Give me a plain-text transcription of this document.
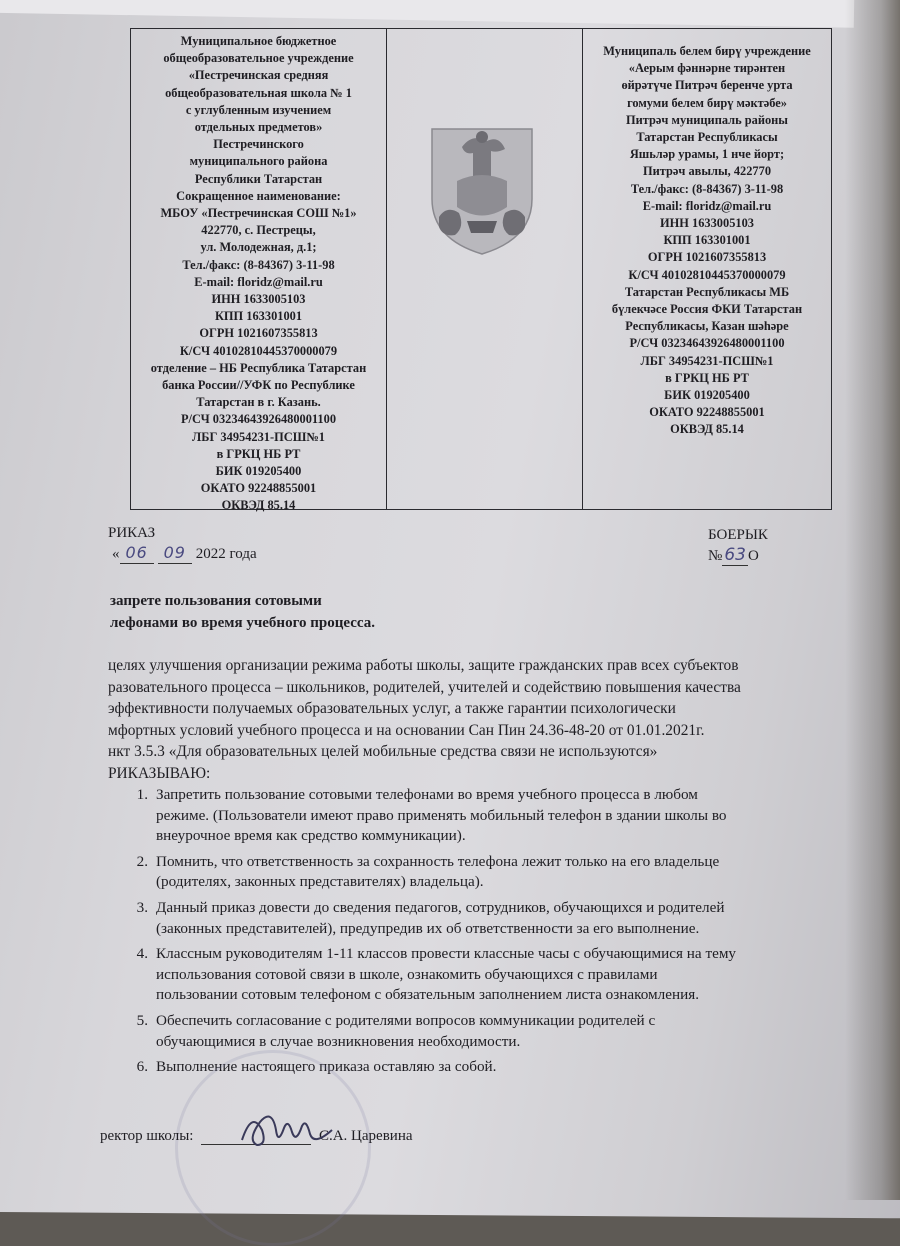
Муниципальное бюджетное
общеобразовательное учреждение
«Пестречинская средняя
общеобразовательная школа № 1
с углубленным изучением
отдельных предметов»
Пестречинского
муниципального района
Республики Татарстан
Сокращенное наименование:
МБОУ «Пестречинская СОШ №1»
422770, с. Пестрецы,
ул. Молодежная, д.1;
Тел./факс: (8-84367) 3-11-98
E-mail: floridz@mail.ru
ИНН 1633005103
КПП 163301001
ОГРН 1021607355813
К/СЧ 40102810445370000079
отделение – НБ Республика Татарстан
банка России//УФК по Республике
Татарстан в г. Казань.
Р/СЧ 03234643926480001100
ЛБГ 34954231-ПСШ№1
в ГРКЦ НБ РТ
БИК 019205400
ОКАТО 92248855001
ОКВЭД 85.14
Муниципаль белем бирү учреждение
«Аерым фәннәрне тирәнтен
өйрәтүче Питрәч беренче урта
гомуми белем бирү мәктәбе»
Питрәч муниципаль районы
Татарстан Республикасы
Яшьләр урамы, 1 нче йорт;
Питрәч авылы, 422770
Тел./факс: (8-84367) 3-11-98
E-mail: floridz@mail.ru
ИНН 1633005103
КПП 163301001
ОГРН 1021607355813
К/СЧ 40102810445370000079
Татарстан Республикасы МБ
бүлекчәсе Россия ФКИ Татарстан
Республикасы, Казан шәһәре
Р/СЧ 03234643926480001100
ЛБГ 34954231-ПСШ№1
в ГРКЦ НБ РТ
БИК 019205400
ОКАТО 92248855001
ОКВЭД 85.14
РИКАЗ	БОЕРЫК
« 06 09 2022 года	№ 63 О
запрете пользования сотовыми
лефонами во время учебного процесса.
целях улучшения организации режима работы школы, защите гражданских прав всех субъектов
разовательного процесса – школьников, родителей, учителей и содействию повышения качества
эффективности получаемых образовательных услуг, а также гарантии психологически
мфортных условий учебного процесса и на основании Сан Пин 24.36-48-20 от 01.01.2021г.
нкт 3.5.3 «Для образовательных целей мобильные средства связи не используются»
РИКАЗЫВАЮ:
1. Запретить пользование сотовыми телефонами во время учебного процесса в любом
режиме. (Пользователи имеют право применять мобильный телефон в здании школы во
внеурочное время как средство коммуникации).
2. Помнить, что ответственность за сохранность телефона лежит только на его владельце
(родителях, законных представителях) владельца).
3. Данный приказ довести до сведения педагогов, сотрудников, обучающихся и родителей
(законных представителей), предупредив их об ответственности за его выполнение.
4. Классным руководителям 1-11 классов провести классные часы с обучающимися на тему
использования сотовой связи в школе, ознакомить обучающихся с правилами
пользовании сотовым телефоном с обязательным заполнением листа ознакомления.
5. Обеспечить согласование с родителями вопросов коммуникации родителей с
обучающимися в случае возникновения необходимости.
6. Выполнение настоящего приказа оставляю за собой.
ректор школы:	С.А. Царевина
